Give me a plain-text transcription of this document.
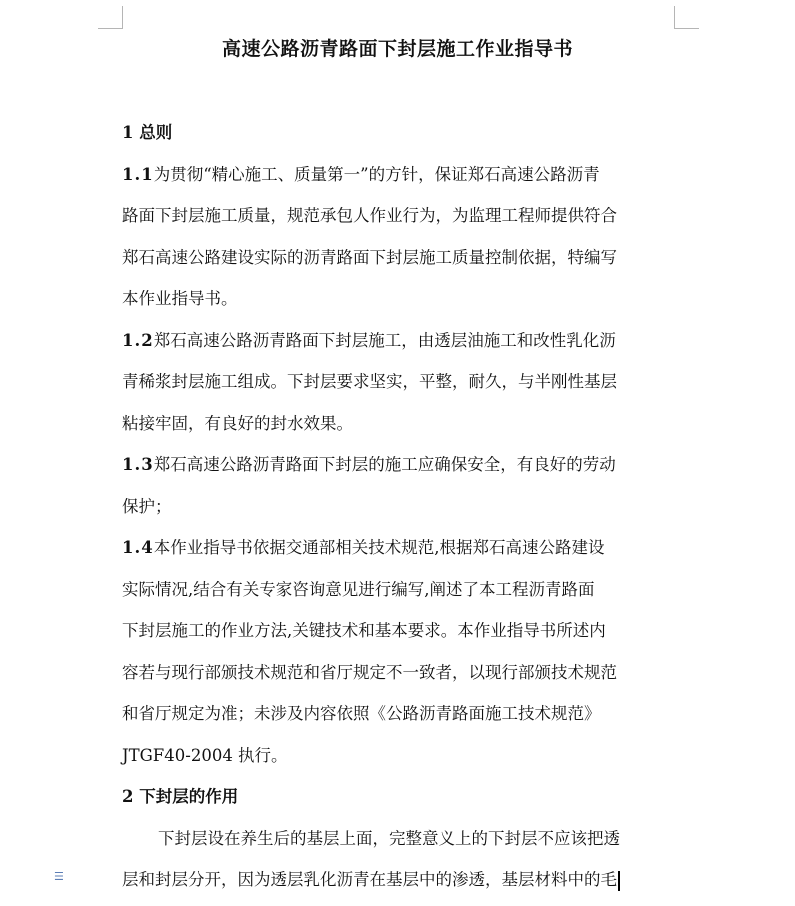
高速公路沥青路面下封层施工作业指导书
1 总则
1.1为贯彻“精心施工、质量第一”的方针，保证郑石高速公路沥青
路面下封层施工质量，规范承包人作业行为，为监理工程师提供符合
郑石高速公路建设实际的沥青路面下封层施工质量控制依据，特编写
本作业指导书。
1.2郑石高速公路沥青路面下封层施工，由透层油施工和改性乳化沥
青稀浆封层施工组成。下封层要求坚实，平整，耐久，与半刚性基层
粘接牢固，有良好的封水效果。
1.3郑石高速公路沥青路面下封层的施工应确保安全，有良好的劳动
保护；
1.4本作业指导书依据交通部相关技术规范,根据郑石高速公路建设
实际情况,结合有关专家咨询意见进行编写,阐述了本工程沥青路面
下封层施工的作业方法,关键技术和基本要求。本作业指导书所述内
容若与现行部颁技术规范和省厅规定不一致者，以现行部颁技术规范
和省厅规定为准；未涉及内容依照《公路沥青路面施工技术规范》
JTGF40-2004 执行。
2 下封层的作用
下封层设在养生后的基层上面，完整意义上的下封层不应该把透
层和封层分开，因为透层乳化沥青在基层中的渗透，基层材料中的毛
☰
